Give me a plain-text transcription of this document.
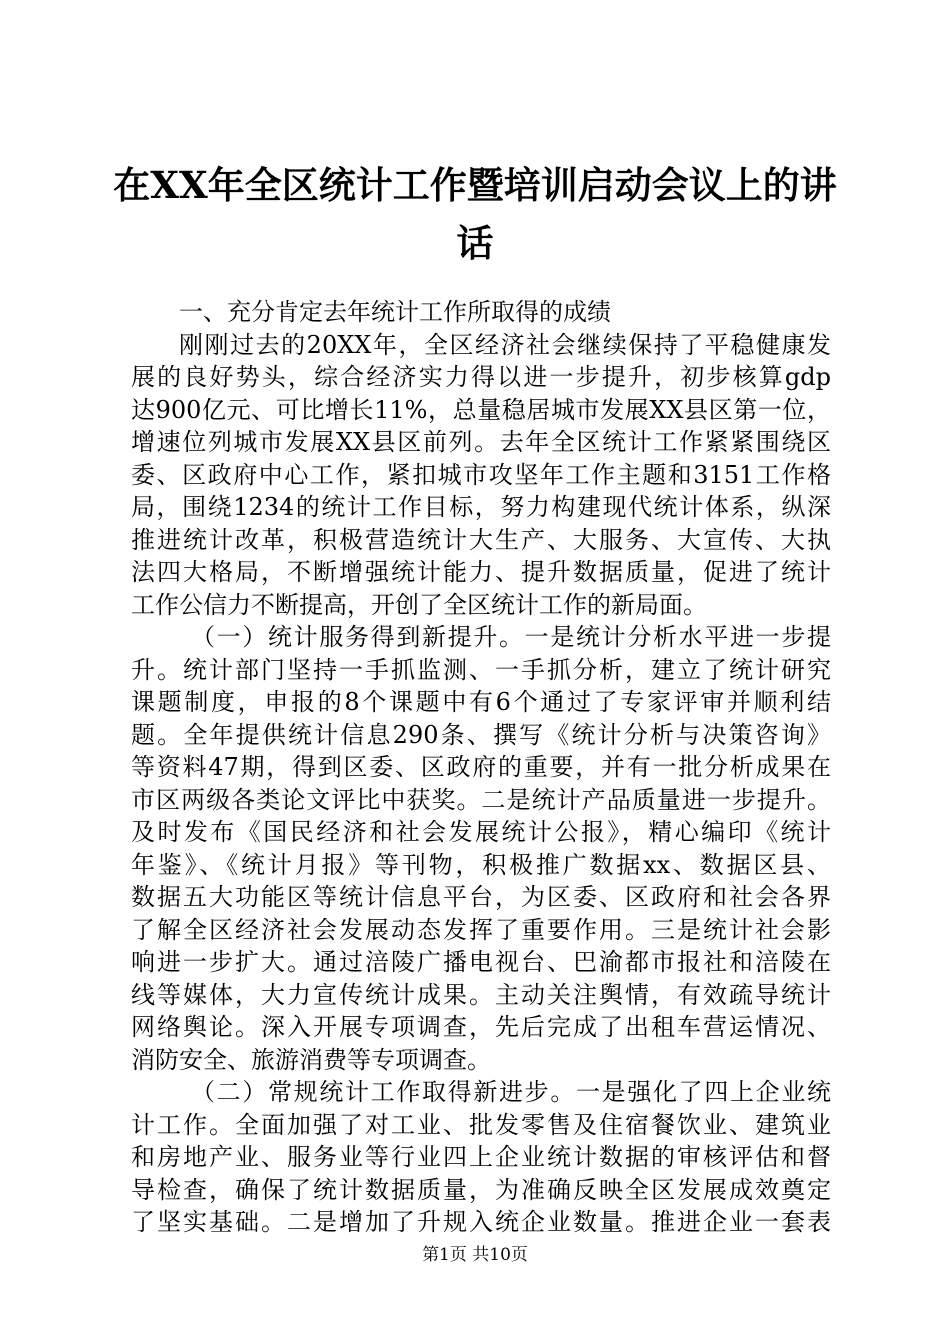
在XX年全区统计工作暨培训启动会议上的讲
话
一、充分肯定去年统计工作所取得的成绩
刚刚过去的20XX年，全区经济社会继续保持了平稳健康发
展的良好势头，综合经济实力得以进一步提升，初步核算gdp
达900亿元、可比增长11%，总量稳居城市发展XX县区第一位，
增速位列城市发展XX县区前列。去年全区统计工作紧紧围绕区
委、区政府中心工作，紧扣城市攻坚年工作主题和3151工作格
局，围绕1234的统计工作目标，努力构建现代统计体系，纵深
推进统计改革，积极营造统计大生产、大服务、大宣传、大执
法四大格局，不断增强统计能力、提升数据质量，促进了统计
工作公信力不断提高，开创了全区统计工作的新局面。
（一）统计服务得到新提升。一是统计分析水平进一步提
升。统计部门坚持一手抓监测、一手抓分析，建立了统计研究
课题制度，申报的8个课题中有6个通过了专家评审并顺利结
题。全年提供统计信息290条、撰写《统计分析与决策咨询》
等资料47期，得到区委、区政府的重要，并有一批分析成果在
市区两级各类论文评比中获奖。二是统计产品质量进一步提升。
及时发布《国民经济和社会发展统计公报》，精心编印《统计
年鉴》、《统计月报》等刊物，积极推广数据xx、数据区县、
数据五大功能区等统计信息平台，为区委、区政府和社会各界
了解全区经济社会发展动态发挥了重要作用。三是统计社会影
响进一步扩大。通过涪陵广播电视台、巴渝都市报社和涪陵在
线等媒体，大力宣传统计成果。主动关注舆情，有效疏导统计
网络舆论。深入开展专项调查，先后完成了出租车营运情况、
消防安全、旅游消费等专项调查。
（二）常规统计工作取得新进步。一是强化了四上企业统
计工作。全面加强了对工业、批发零售及住宿餐饮业、建筑业
和房地产业、服务业等行业四上企业统计数据的审核评估和督
导检查，确保了统计数据质量，为准确反映全区发展成效奠定
了坚实基础。二是增加了升规入统企业数量。推进企业一套表
第1页 共10页
